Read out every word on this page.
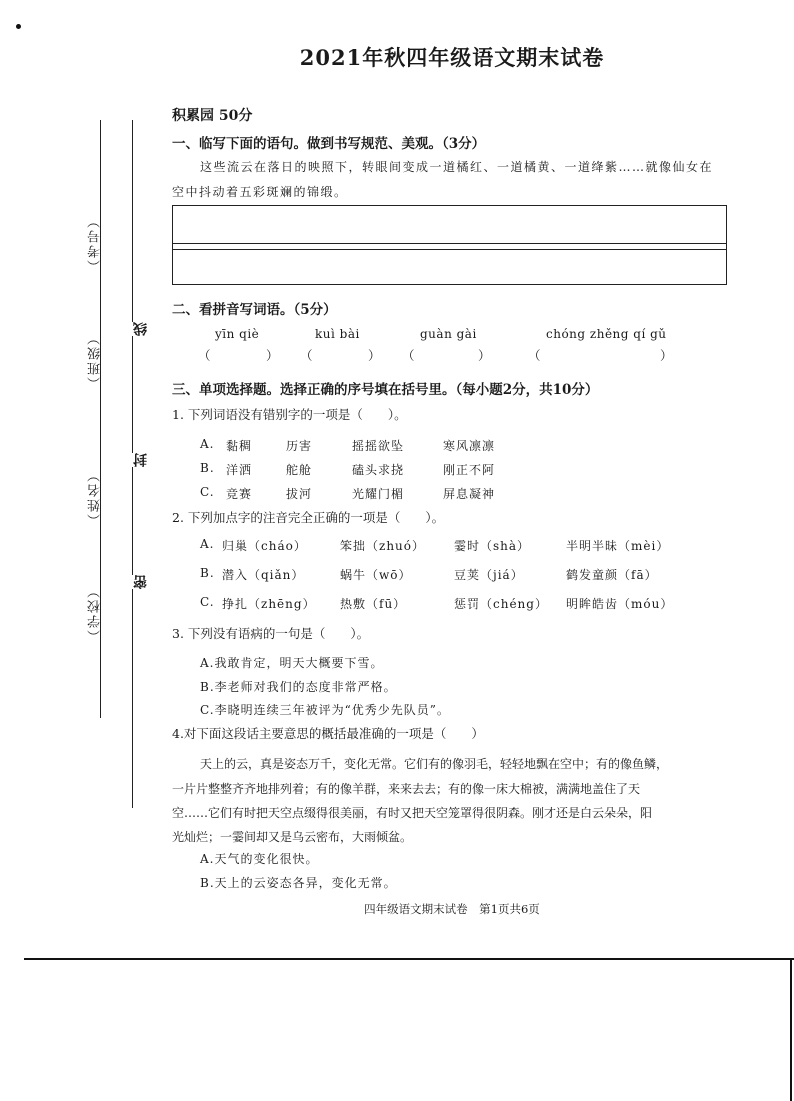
2021年秋四年级语文期末试卷
（考号）
（班级）
（姓名）
（学校）
线
封
密
积累园 50分
一、临写下面的语句。做到书写规范、美观。（3分）
这些流云在落日的映照下，转眼间变成一道橘红、一道橘黄、一道绛紫……就像仙女在
空中抖动着五彩斑斓的锦缎。
二、看拼音写词语。（5分）
yīn qiè	kuì bài	guàn gài	chóng zhěng qí gǔ
（	） （	） （	）	（	）
三、单项选择题。选择正确的序号填在括号里。（每小题2分，共10分）
1. 下列词语没有错别字的一项是（　　）。
A. 黏稠	历害	摇摇欲坠	寒风凛凛
B. 洋洒	舵舱	磕头求挠	刚正不阿
C. 竞赛	拔河	光耀门楣	屏息凝神
2. 下列加点字的注音完全正确的一项是（　　）。
A. 归巢（cháo）	笨拙（zhuó） 霎时（shà）	半明半昧（mèi）
B. 潜入（qiǎn）	蜗牛（wō）	豆荚（jiá）	鹤发童颜（fā）
C. 挣扎（zhēng） 热敷（fū）	惩罚（chéng） 明眸皓齿（móu）
3. 下列没有语病的一句是（　　）。
A.我敢肯定，明天大概要下雪。
B.李老师对我们的态度非常严格。
C.李晓明连续三年被评为“优秀少先队员”。
4.对下面这段话主要意思的概括最准确的一项是（　　）
天上的云，真是姿态万千，变化无常。它们有的像羽毛，轻轻地飘在空中；有的像鱼鳞，
一片片整整齐齐地排列着；有的像羊群，来来去去；有的像一床大棉被，满满地盖住了天
空……它们有时把天空点缀得很美丽，有时又把天空笼罩得很阴森。刚才还是白云朵朵，阳
光灿烂；一霎间却又是乌云密布，大雨倾盆。
A.天气的变化很快。
B.天上的云姿态各异，变化无常。
四年级语文期末试卷　第1页共6页
